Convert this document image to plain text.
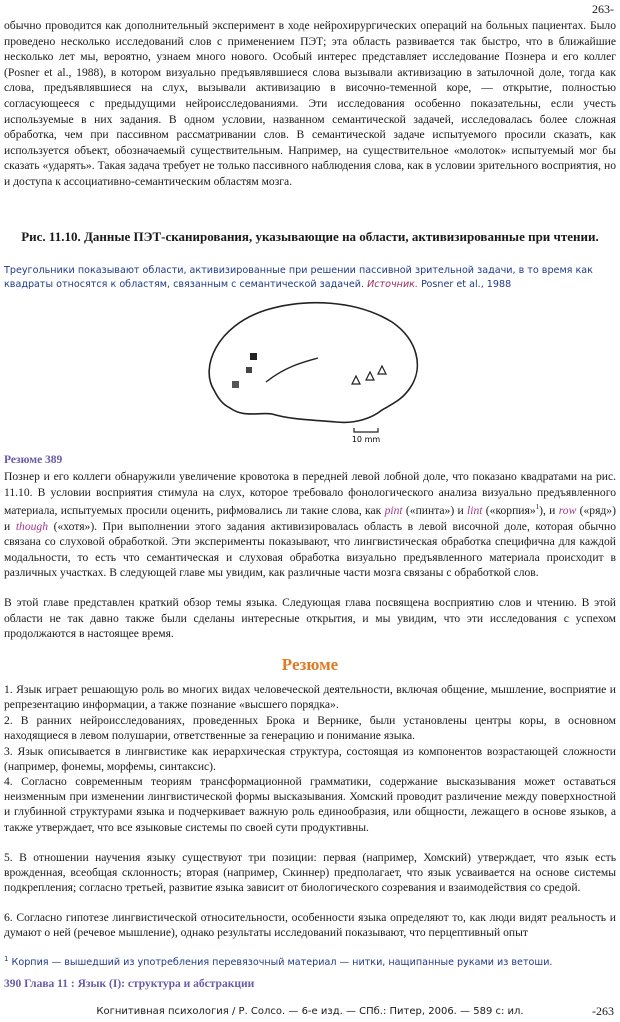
263-

обычно проводится как дополнительный эксперимент в ходе нейрохирургических операций на больных пациентах. Было проведено несколько исследований слов с применением ПЭТ; эта область развивается так быстро, что в ближайшие несколько лет мы, вероятно, узнаем много нового. Особый интерес представляет исследование Познера и его коллег (Posner et al., 1988), в котором визуально предъявлявшиеся слова вызывали активизацию в затылочной доле, тогда как слова, предъявлявшиеся на слух, вызывали активизацию в височно-теменной коре, — открытие, полностью согласующееся с предыдущими нейроисследованиями. Эти исследования особенно показательны, если учесть используемые в них задания. В одном условии, названном семантической задачей, исследовалась более сложная обработка, чем при пассивном рассматривании слов. В семантической задаче испытуемого просили сказать, как используется объект, обозначаемый существительным. Например, на существительное «молоток» испытуемый мог бы сказать «ударять». Такая задача требует не только пассивного наблюдения слова, как в условии зрительного восприятия, но и доступа к ассоциативно-семантическим областям мозга.

Рис. 11.10. Данные ПЭТ-сканирования, указывающие на области, активизированные при чтении.
Треугольники показывают области, активизированные при решении пассивной зрительной задачи, в то время как квадраты относятся к областям, связанным с семантической задачей. Источник. Posner et al., 1988
10 mm
Резюме 389

Познер и его коллеги обнаружили увеличение кровотока в передней левой лобной доле, что показано квадратами на рис. 11.10. В условии восприятия стимула на слух, которое требовало фонологического анализа визуально предъявленного материала, испытуемых просили оценить, рифмовались ли такие слова, как pint («пинта») и lint («корпия»$^1$), и row («ряд») и though («хотя»). При выполнении этого задания активизировалась область в левой височной доле, которая обычно связана со слуховой обработкой. Эти эксперименты показывают, что лингвистическая обработка специфична для каждой модальности, то есть что семантическая и слуховая обработка визуально предъявленного материала происходит в различных участках. В следующей главе мы увидим, как различные части мозга связаны с обработкой слов.

В этой главе представлен краткий обзор темы языка. Следующая глава посвящена восприятию слов и чтению. В этой области не так давно также были сделаны интересные открытия, и мы увидим, что эти исследования с успехом продолжаются в настоящее время.

Резюме

1. Язык играет решающую роль во многих видах человеческой деятельности, включая общение, мышление, восприятие и репрезентацию информации, а также познание «высшего порядка».

2. В ранних нейроисследованиях, проведенных Брока и Вернике, были установлены центры коры, в основном находящиеся в левом полушарии, ответственные за генерацию и понимание языка.

3. Язык описывается в лингвистике как иерархическая структура, состоящая из компонентов возрастающей сложности (например, фонемы, морфемы, синтаксис).

4. Согласно современным теориям трансформационной грамматики, содержание высказывания может оставаться неизменным при изменении лингвистической формы высказывания. Хомский проводит различение между поверхностной и глубинной структурами языка и подчеркивает важную роль единообразия, или общности, лежащего в основе языков, а также утверждает, что все языковые системы по своей сути продуктивны.

5. В отношении научения языку существуют три позиции: первая (например, Хомский) утверждает, что язык есть врожденная, всеобщая склонность; вторая (например, Скиннер) предполагает, что язык усваивается на основе системы подкрепления; согласно третьей, развитие языка зависит от биологического созревания и взаимодействия со средой.

6. Согласно гипотезе лингвистической относительности, особенности языка определяют то, как люди видят реальность и думают о ней (речевое мышление), однако результаты исследований показывают, что перцептивный опыт

$^1$ Корпия — вышедший из употребления перевязочный материал — нитки, нащипанные руками из ветоши.
390 Глава 11 : Язык (I): структура и абстракции
Когнитивная психология / Р. Солсо. — 6-е изд. — СПб.: Питер, 2006. — 589 с: ил.	-263
